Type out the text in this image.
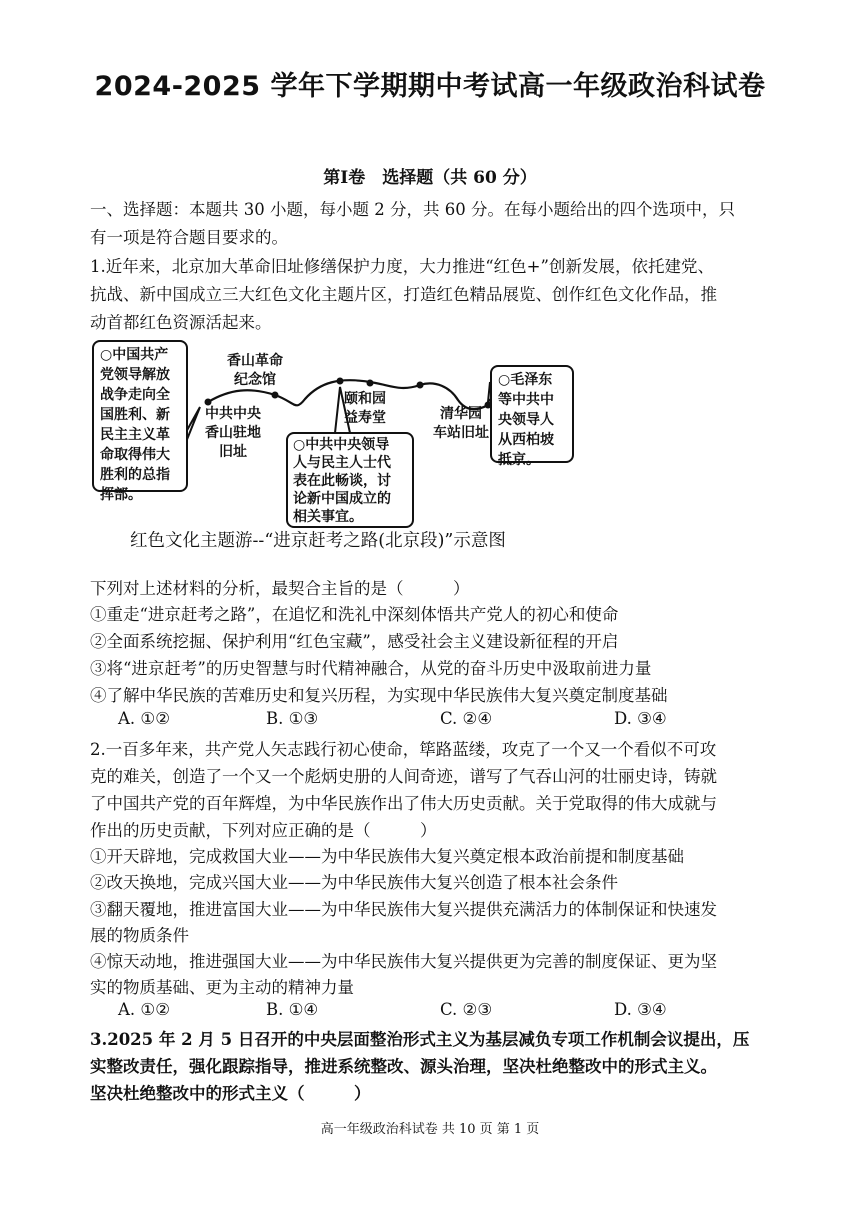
2024-2025 学年下学期期中考试高一年级政治科试卷
第Ⅰ卷　选择题（共 60 分）
一、选择题：本题共 30 小题，每小题 2 分，共 60 分。在每小题给出的四个选项中，只
有一项是符合题目要求的。
1.近年来，北京加大革命旧址修缮保护力度，大力推进“红色+”创新发展，依托建党、
抗战、新中国成立三大红色文化主题片区，打造红色精品展览、创作红色文化作品，推
动首都红色资源活起来。
○中国共产
党领导解放
战争走向全
国胜利、新
民主主义革
命取得伟大
胜利的总指
挥部。
香山革命
纪念馆
中共中央
香山驻地
旧址
颐和园
益寿堂	清华园
车站旧址
○毛泽东
等中共中
央领导人
从西柏坡
抵京。
○中共中央领导
人与民主人士代
表在此畅谈，讨
论新中国成立的
相关事宜。
红色文化主题游--“进京赶考之路(北京段)”示意图
下列对上述材料的分析，最契合主旨的是（　　　）
①重走“进京赶考之路”，在追忆和洗礼中深刻体悟共产党人的初心和使命
②全面系统挖掘、保护利用“红色宝藏”，感受社会主义建设新征程的开启
③将“进京赶考”的历史智慧与时代精神融合，从党的奋斗历史中汲取前进力量
④了解中华民族的苦难历史和复兴历程，为实现中华民族伟大复兴奠定制度基础
A. ①②	B. ①③	C. ②④	D. ③④
2.一百多年来，共产党人矢志践行初心使命，筚路蓝缕，攻克了一个又一个看似不可攻
克的难关，创造了一个又一个彪炳史册的人间奇迹，谱写了气吞山河的壮丽史诗，铸就
了中国共产党的百年辉煌，为中华民族作出了伟大历史贡献。关于党取得的伟大成就与
作出的历史贡献，下列对应正确的是（　　　）
①开天辟地，完成救国大业——为中华民族伟大复兴奠定根本政治前提和制度基础
②改天换地，完成兴国大业——为中华民族伟大复兴创造了根本社会条件
③翻天覆地，推进富国大业——为中华民族伟大复兴提供充满活力的体制保证和快速发
展的物质条件
④惊天动地，推进强国大业——为中华民族伟大复兴提供更为完善的制度保证、更为坚
实的物质基础、更为主动的精神力量
A. ①②	B. ①④	C. ②③	D. ③④
3.2025 年 2 月 5 日召开的中央层面整治形式主义为基层减负专项工作机制会议提出，压
实整改责任，强化跟踪指导，推进系统整改、源头治理，坚决杜绝整改中的形式主义。
坚决杜绝整改中的形式主义（　　　）
高一年级政治科试卷 共 10 页 第 1 页
